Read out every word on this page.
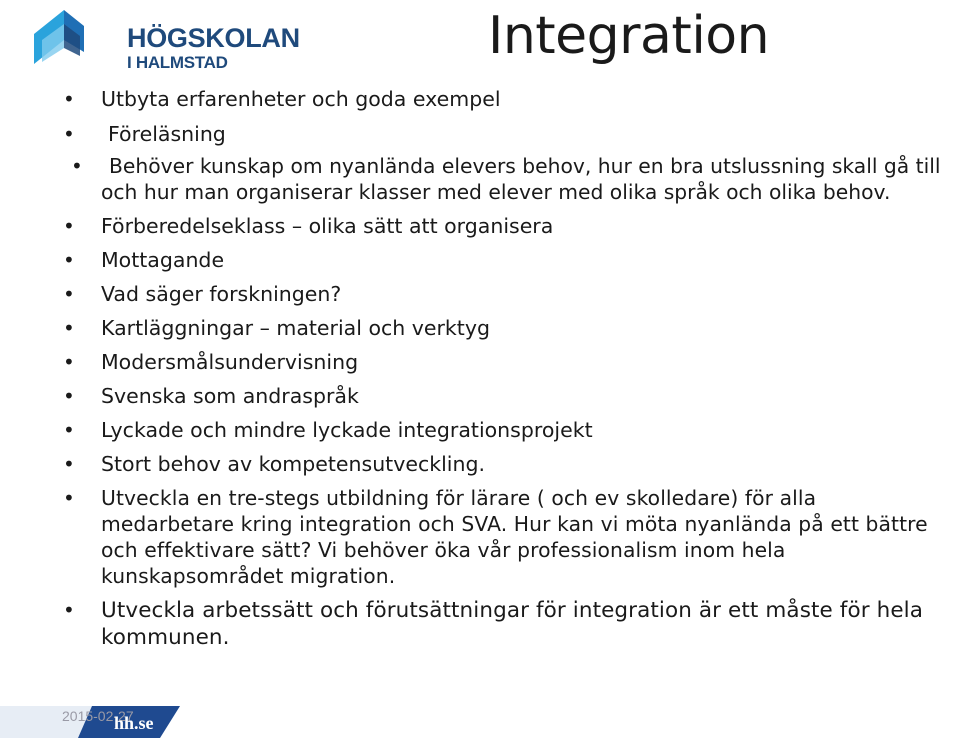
HÖGSKOLAN
I HALMSTAD	Integration
• Utbyta erfarenheter och goda exempel
• Föreläsning
• Behöver kunskap om nyanlända elevers behov, hur en bra utslussning skall gå till och hur man organiserar klasser med elever med olika språk och olika behov.
• Förberedelseklass – olika sätt att organisera
• Mottagande
• Vad säger forskningen?
• Kartläggningar – material och verktyg
• Modersmålsundervisning
• Svenska som andraspråk
• Lyckade och mindre lyckade integrationsprojekt
• Stort behov av kompetensutveckling.
• Utveckla en tre-stegs utbildning för lärare ( och ev skolledare) för alla medarbetare kring integration och SVA. Hur kan vi möta nyanlända på ett bättre och effektivare sätt? Vi behöver öka vår professionalism inom hela kunskapsområdet migration.
• Utveckla arbetssätt och förutsättningar för integration är ett måste för hela kommunen.
2015-02-27
hh.se
